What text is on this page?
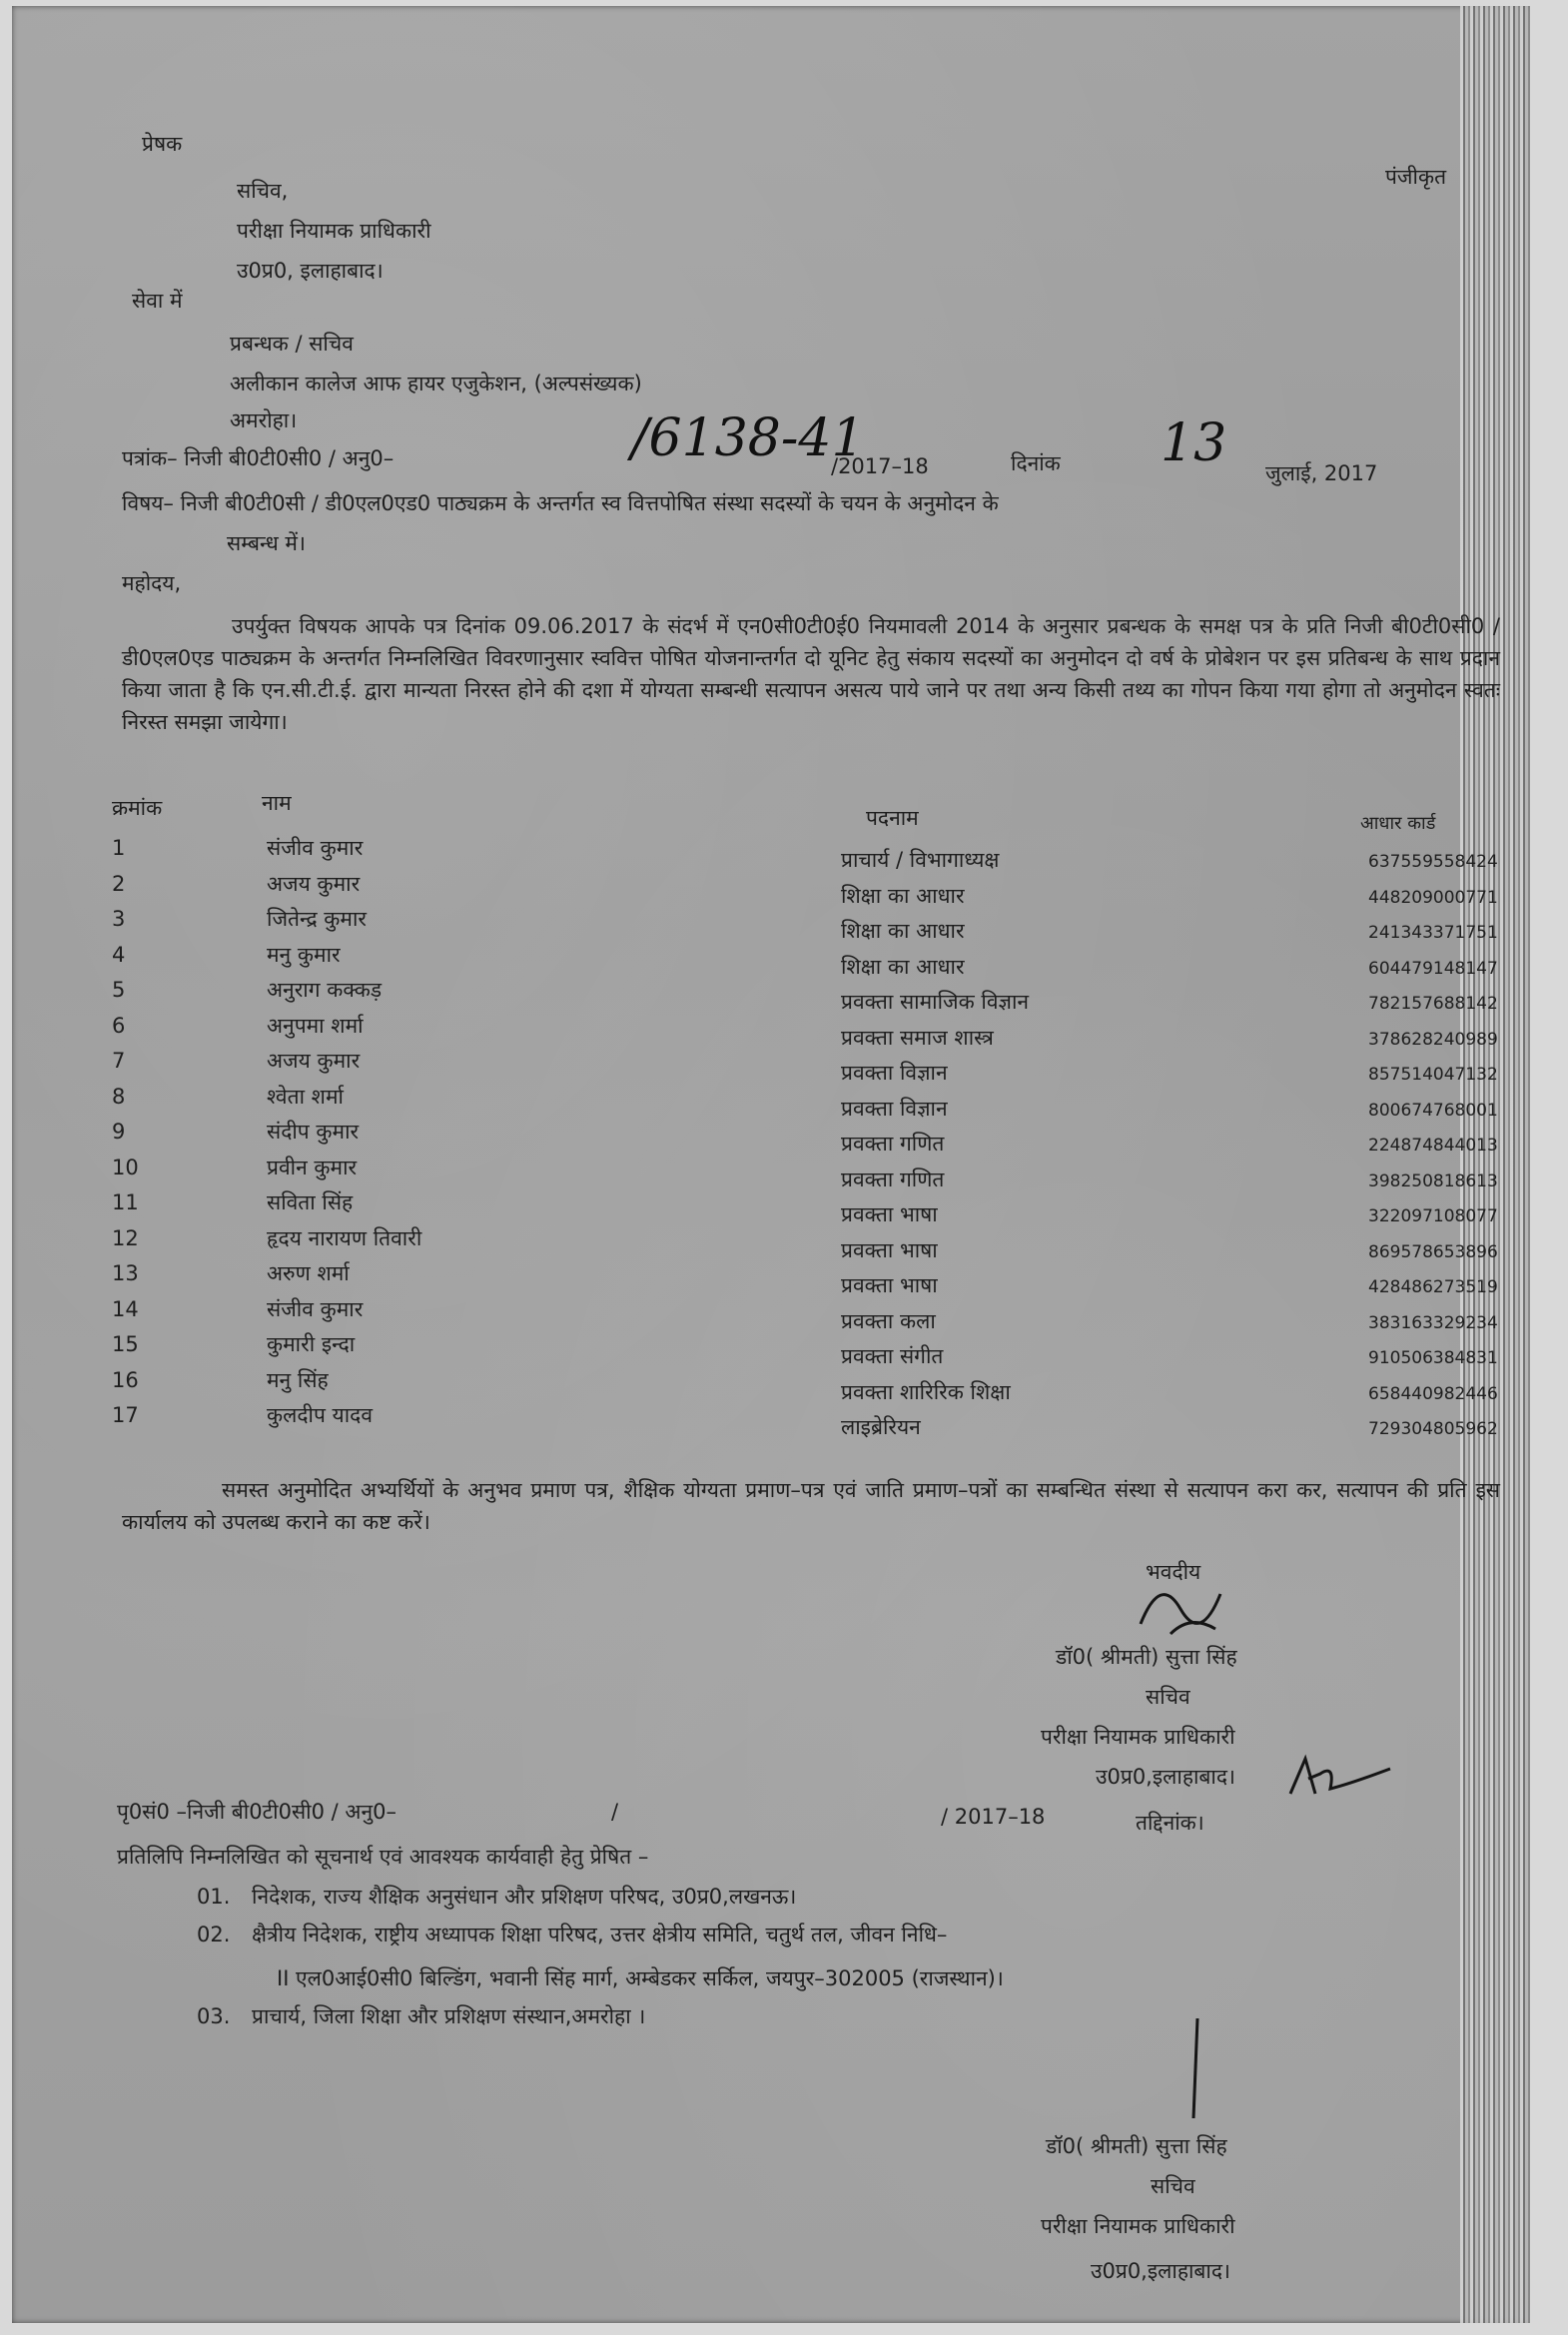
प्रेषक
पंजीकृत
सचिव,
परीक्षा नियामक प्राधिकारी
उ0प्र0, इलाहाबाद।
सेवा में
प्रबन्धक / सचिव
अलीकान कालेज आफ हायर एजुकेशन, (अल्पसंख्यक)
अमरोहा।
पत्रांक– निजी बी0टी0सी0 / अनु0–	/6138-41
/2017–18	दिनांक 13 जुलाई, 2017
विषय– निजी बी0टी0सी / डी0एल0एड0 पाठ्यक्रम के अन्तर्गत स्व वित्तपोषित संस्था सदस्यों के चयन के अनुमोदन के
सम्बन्ध में।
महोदय,
उपर्युक्त विषयक आपके पत्र दिनांक 09.06.2017 के संदर्भ में एन0सी0टी0ई0 नियमावली 2014 के अनुसार प्रबन्धक के समक्ष पत्र के प्रति निजी बी0टी0सी0 / डी0एल0एड पाठ्यक्रम के अन्तर्गत निम्नलिखित विवरणानुसार स्ववित्त पोषित योजनान्तर्गत दो यूनिट हेतु संकाय सदस्यों का अनुमोदन दो वर्ष के प्रोबेशन पर इस प्रतिबन्ध के साथ प्रदान किया जाता है कि एन.सी.टी.ई. द्वारा मान्यता निरस्त होने की दशा में योग्यता सम्बन्धी सत्यापन असत्य पाये जाने पर तथा अन्य किसी तथ्य का गोपन किया गया होगा तो अनुमोदन स्वतः निरस्त समझा जायेगा।
क्रमांक	नाम
पदनाम	आधार कार्ड
1	संजीव कुमार	प्राचार्य / विभागाध्यक्ष	637559558424
2	अजय कुमार	शिक्षा का आधार	448209000771
3	जितेन्द्र कुमार	शिक्षा का आधार	241343371751
4	मनु कुमार	शिक्षा का आधार	604479148147
5	अनुराग कक्कड़	प्रवक्ता सामाजिक विज्ञान	782157688142
6	अनुपमा शर्मा	प्रवक्ता समाज शास्त्र	378628240989
7	अजय कुमार	प्रवक्ता विज्ञान	857514047132
8	श्वेता शर्मा	प्रवक्ता विज्ञान	800674768001
9	संदीप कुमार	प्रवक्ता गणित	224874844013
10	प्रवीन कुमार	प्रवक्ता गणित	398250818613
11	सविता सिंह	प्रवक्ता भाषा	322097108077
12	हृदय नारायण तिवारी	प्रवक्ता भाषा	869578653896
13	अरुण शर्मा	प्रवक्ता भाषा	428486273519
14	संजीव कुमार	प्रवक्ता कला	383163329234
15	कुमारी इन्दा	प्रवक्ता संगीत	910506384831
16	मनु सिंह	प्रवक्ता शारिरिक शिक्षा	658440982446
17	कुलदीप यादव	लाइब्रेरियन	729304805962
समस्त अनुमोदित अभ्यर्थियों के अनुभव प्रमाण पत्र, शैक्षिक योग्यता प्रमाण–पत्र एवं जाति प्रमाण–पत्रों का सम्बन्धित संस्था से सत्यापन करा कर, सत्यापन की प्रति इस कार्यालय को उपलब्ध कराने का कष्ट करें।
भवदीय
डॉ0( श्रीमती) सुत्ता सिंह
सचिव
परीक्षा नियामक प्राधिकारी
उ0प्र0,इलाहाबाद।
पृ0सं0 –निजी बी0टी0सी0 / अनु0–	/	/ 2017–18	तद्दिनांक।
प्रतिलिपि निम्नलिखित को सूचनार्थ एवं आवश्यक कार्यवाही हेतु प्रेषित –
01. निदेशक, राज्य शैक्षिक अनुसंधान और प्रशिक्षण परिषद, उ0प्र0,लखनऊ।
02. क्षैत्रीय निदेशक, राष्ट्रीय अध्यापक शिक्षा परिषद, उत्तर क्षेत्रीय समिति, चतुर्थ तल, जीवन निधि–
II एल0आई0सी0 बिल्डिंग, भवानी सिंह मार्ग, अम्बेडकर सर्किल, जयपुर–302005 (राजस्थान)।
03. प्राचार्य, जिला शिक्षा और प्रशिक्षण संस्थान,अमरोहा ।
डॉ0( श्रीमती) सुत्ता सिंह
सचिव
परीक्षा नियामक प्राधिकारी
उ0प्र0,इलाहाबाद।
